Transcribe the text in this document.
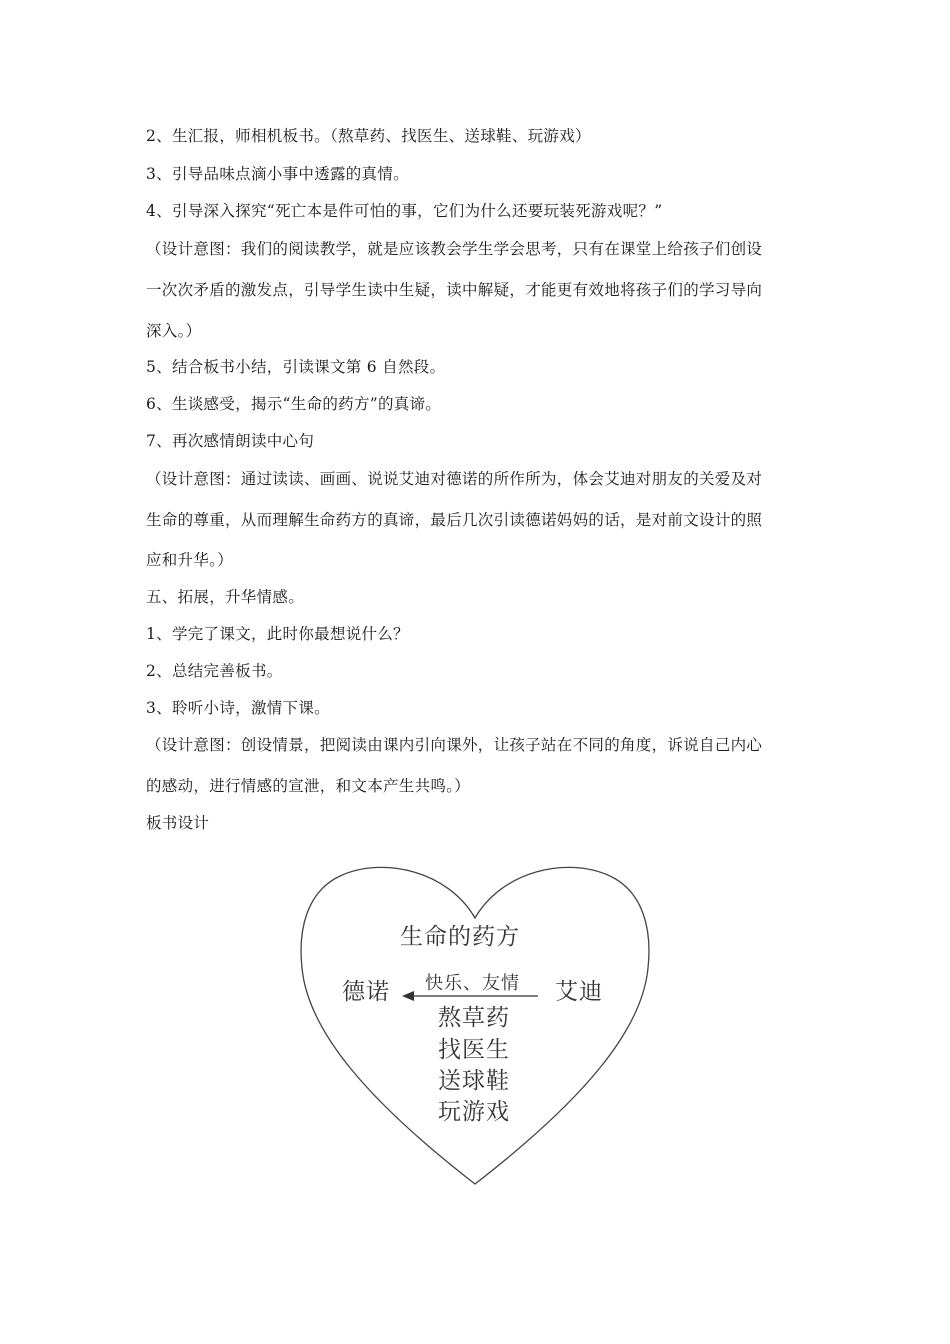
2、生汇报，师相机板书。（熬草药、找医生、送球鞋、玩游戏）
3、引导品味点滴小事中透露的真情。
4、引导深入探究“死亡本是件可怕的事，它们为什么还要玩装死游戏呢？”
（设计意图：我们的阅读教学，就是应该教会学生学会思考，只有在课堂上给孩子们创设
一次次矛盾的激发点，引导学生读中生疑，读中解疑，才能更有效地将孩子们的学习导向
深入。）
5、结合板书小结，引读课文第 6 自然段。
6、生谈感受，揭示“生命的药方”的真谛。
7、再次感情朗读中心句
（设计意图：通过读读、画画、说说艾迪对德诺的所作所为，体会艾迪对朋友的关爱及对
生命的尊重，从而理解生命药方的真谛，最后几次引读德诺妈妈的话，是对前文设计的照
应和升华。）
五、拓展，升华情感。
1、学完了课文，此时你最想说什么？
2、总结完善板书。
3、聆听小诗，激情下课。
（设计意图：创设情景，把阅读由课内引向课外，让孩子站在不同的角度，诉说自己内心
的感动，进行情感的宣泄，和文本产生共鸣。）
板书设计
生命的药方
德诺 快乐、友情 艾迪
熬草药
找医生
送球鞋
玩游戏
